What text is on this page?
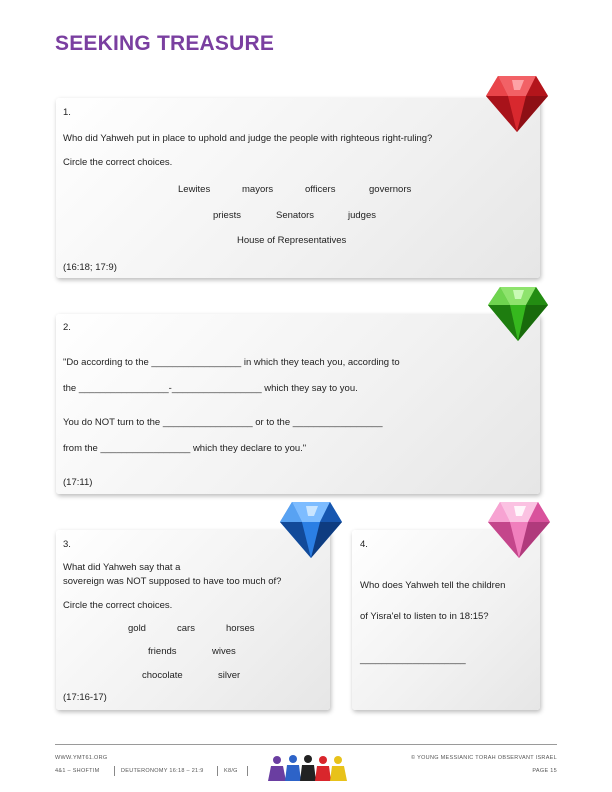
SEEKING TREASURE
1.
Who did Yahweh put in place to uphold and judge the people with righteous right-ruling?
Circle the correct choices.
Lewites	mayors	officers	governors
priests	Senators	judges
House of Representatives
(16:18; 17:9)
2.
"Do according to the _________________ in which they teach you, according to
the _________________-_________________ which they say to you.
You do NOT turn to the _________________ or to the _________________
from the _________________ which they declare to you."
(17:11)
3.
What did Yahweh say that a
sovereign was NOT supposed to have too much of?
Circle the correct choices.
gold	cars	horses
friends	wives
chocolate	silver
(17:16-17)
4.
Who does Yahweh tell the children
of Yisra'el to listen to in 18:15?
____________________
WWW.YMT61.ORG
4&1 – SHOFTIM	DEUTERONOMY 16:18 – 21:9	K8/G
© YOUNG MESSIANIC TORAH OBSERVANT ISRAEL
PAGE 15
